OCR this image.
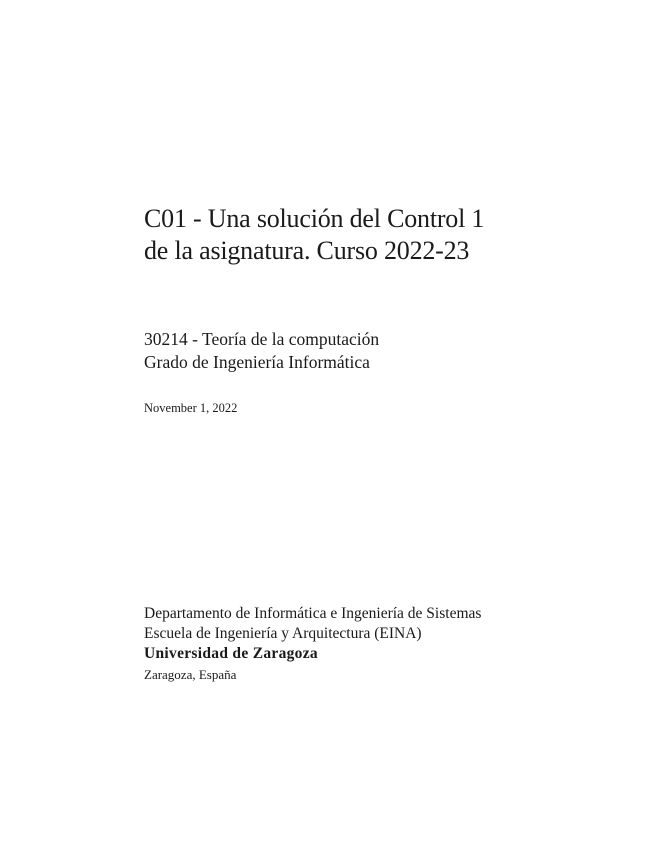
C01 - Una solución del Control 1
de la asignatura. Curso 2022-23
30214 - Teoría de la computación
Grado de Ingeniería Informática
November 1, 2022
Departamento de Informática e Ingeniería de Sistemas
Escuela de Ingeniería y Arquitectura (EINA)
Universidad de Zaragoza
Zaragoza, España
